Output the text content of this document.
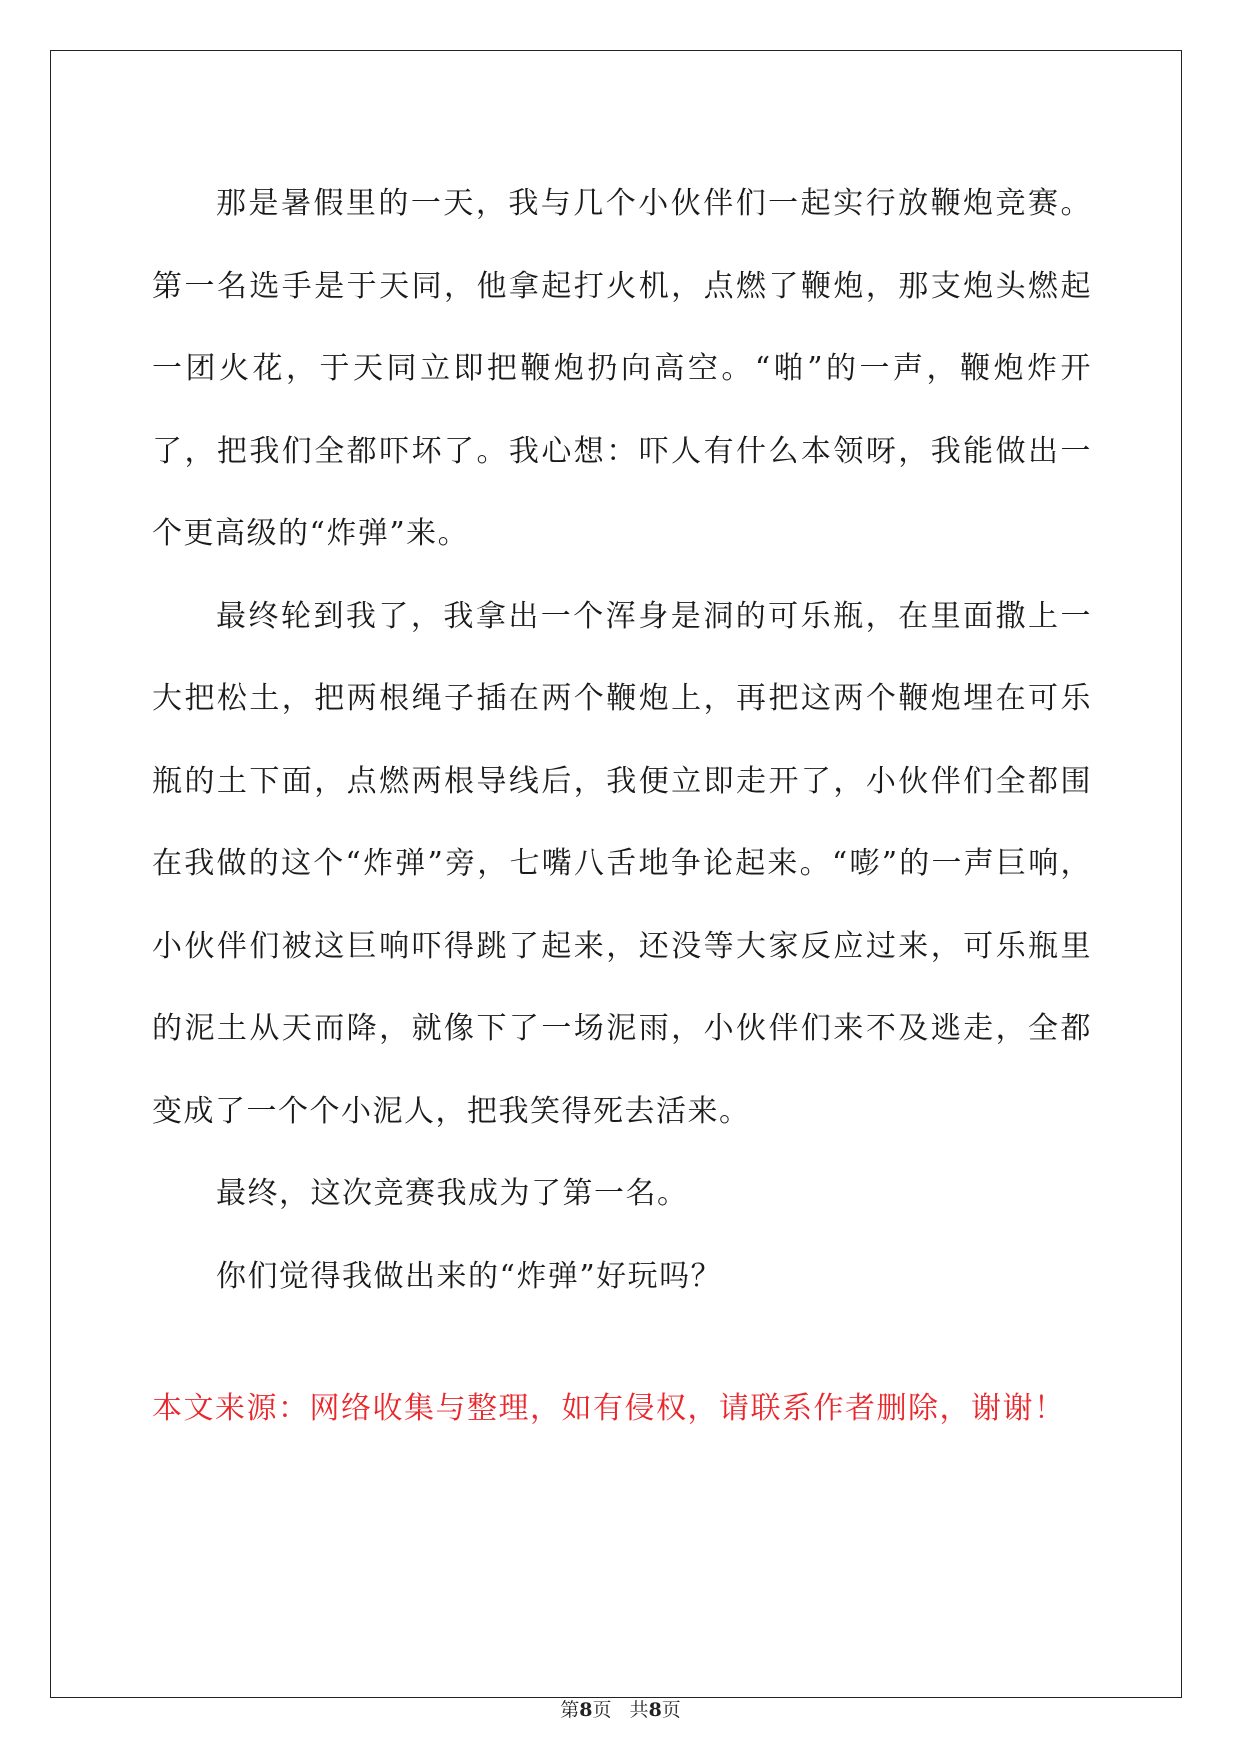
那是暑假里的一天，我与几个小伙伴们一起实行放鞭炮竞赛。第一名选手是于天同，他拿起打火机，点燃了鞭炮，那支炮头燃起一团火花，于天同立即把鞭炮扔向高空。“啪”的一声，鞭炮炸开了，把我们全都吓坏了。我心想：吓人有什么本领呀，我能做出一个更高级的“炸弹”来。

最终轮到我了，我拿出一个浑身是洞的可乐瓶，在里面撒上一大把松土，把两根绳子插在两个鞭炮上，再把这两个鞭炮埋在可乐瓶的土下面，点燃两根导线后，我便立即走开了，小伙伴们全都围在我做的这个“炸弹”旁，七嘴八舌地争论起来。“嘭”的一声巨响，小伙伴们被这巨响吓得跳了起来，还没等大家反应过来，可乐瓶里的泥土从天而降，就像下了一场泥雨，小伙伴们来不及逃走，全都变成了一个个小泥人，把我笑得死去活来。

最终，这次竞赛我成为了第一名。

你们觉得我做出来的“炸弹”好玩吗？

本文来源：网络收集与整理，如有侵权，请联系作者删除，谢谢！

第8页   共8页
